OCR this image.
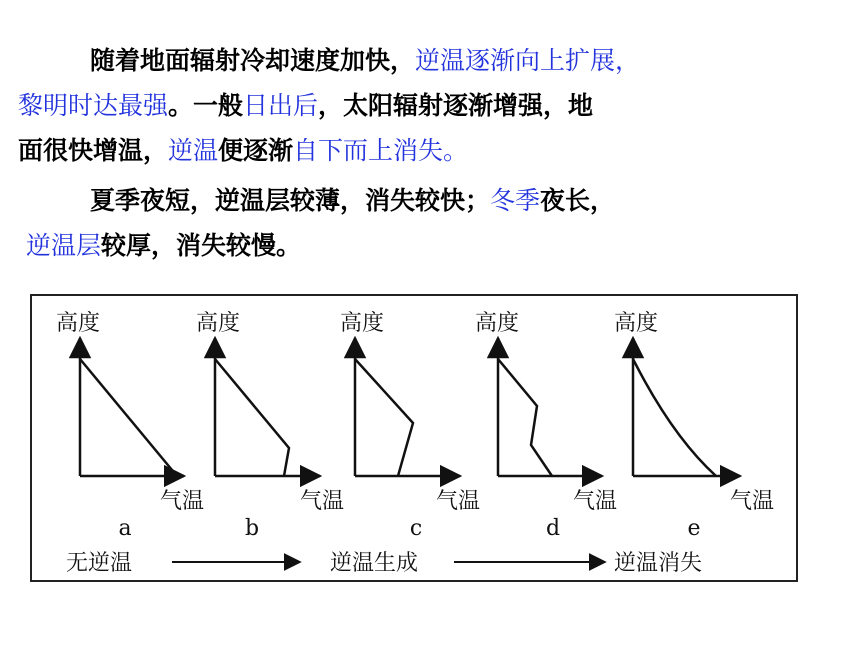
随着地面辐射冷却速度加快，逆温逐渐向上扩展，
黎明时达最强。一般日出后，太阳辐射逐渐增强，地
面很快增温，逆温便逐渐自下而上消失。
夏季夜短，逆温层较薄，消失较快；冬季夜长，
逆温层较厚，消失较慢。
高度
气温
a
高度
气温
b
高度
气温
c
高度
气温
d
高度
气温
e
无逆温	逆温生成	逆温消失
